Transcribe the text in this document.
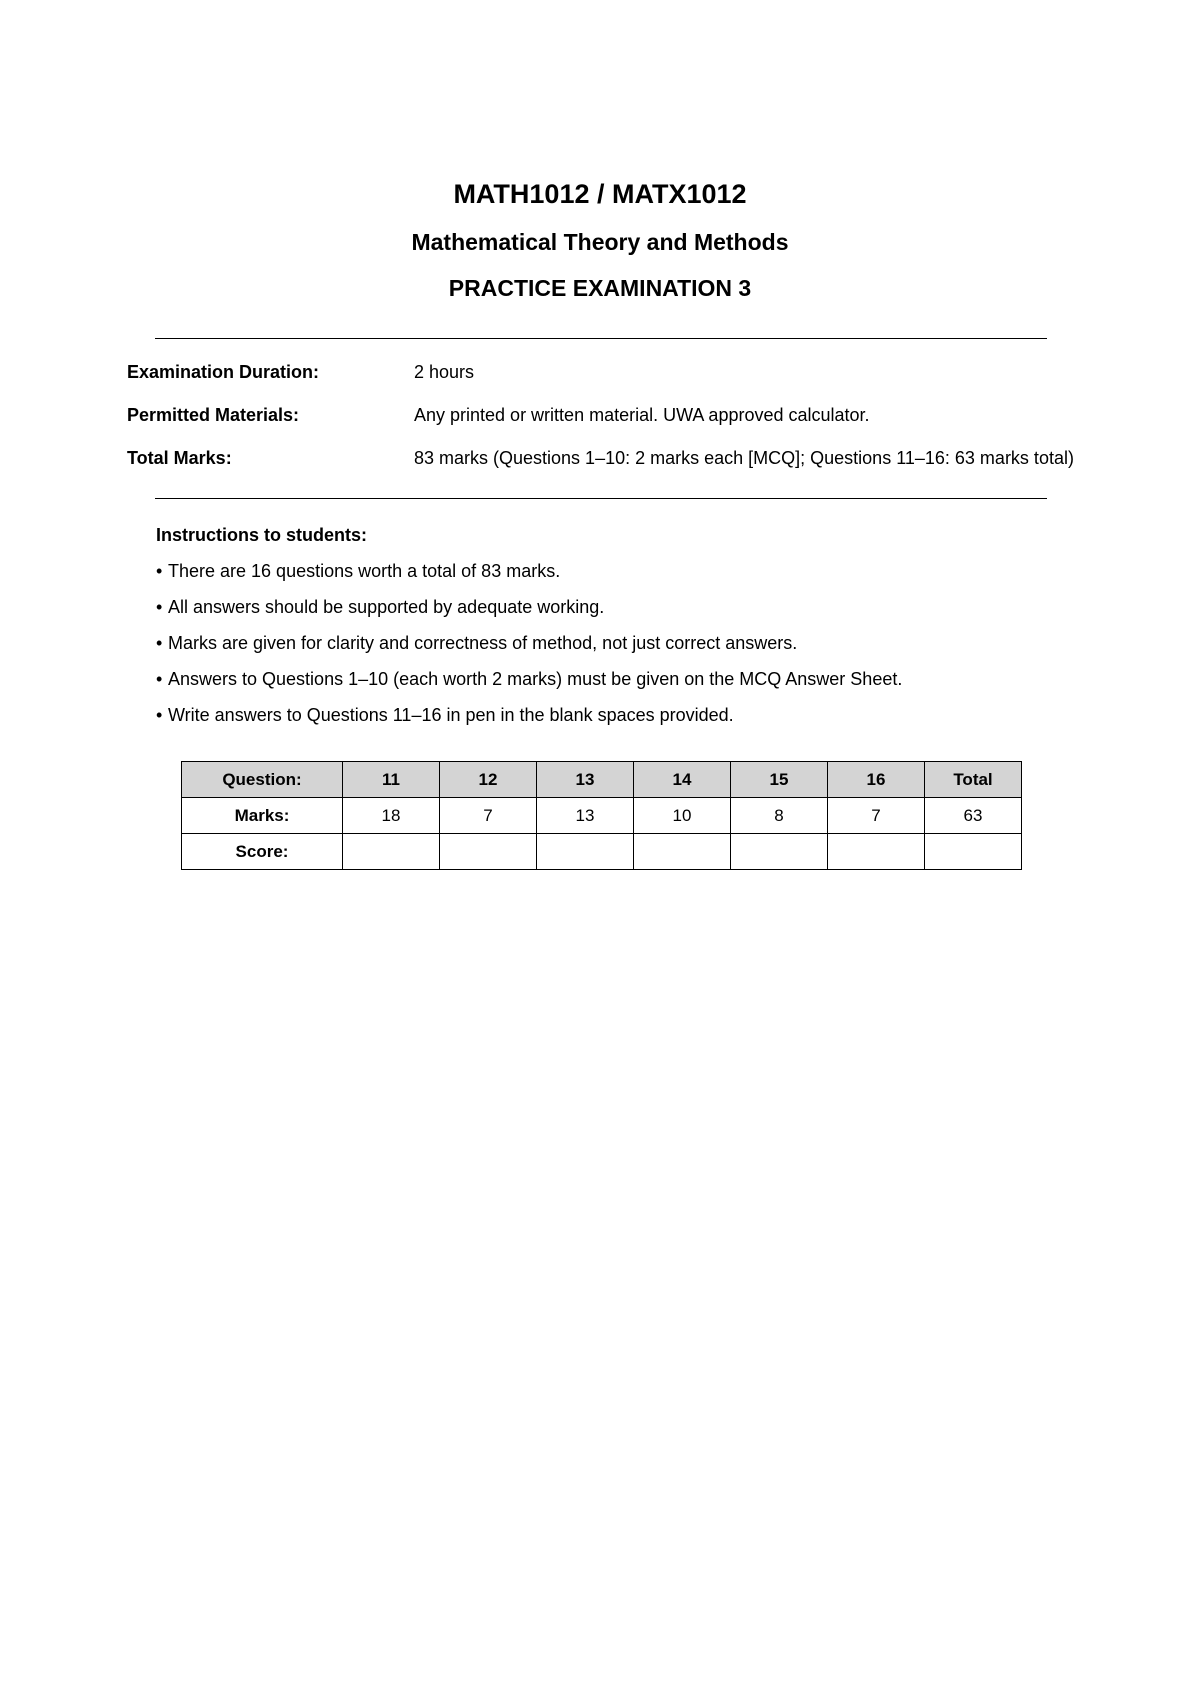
MATH1012 / MATX1012
Mathematical Theory and Methods
PRACTICE EXAMINATION 3
Examination Duration:	2 hours
Permitted Materials:	Any printed or written material. UWA approved calculator.
Total Marks:	83 marks (Questions 1–10: 2 marks each [MCQ]; Questions 11–16: 63 marks total)
Instructions to students:
• There are 16 questions worth a total of 83 marks.
• All answers should be supported by adequate working.
• Marks are given for clarity and correctness of method, not just correct answers.
• Answers to Questions 1–10 (each worth 2 marks) must be given on the MCQ Answer Sheet.
• Write answers to Questions 11–16 in pen in the blank spaces provided.
Question:	11	12	13	14	15	16	Total
Marks:	18	7	13	10	8	7	63
Score:							
